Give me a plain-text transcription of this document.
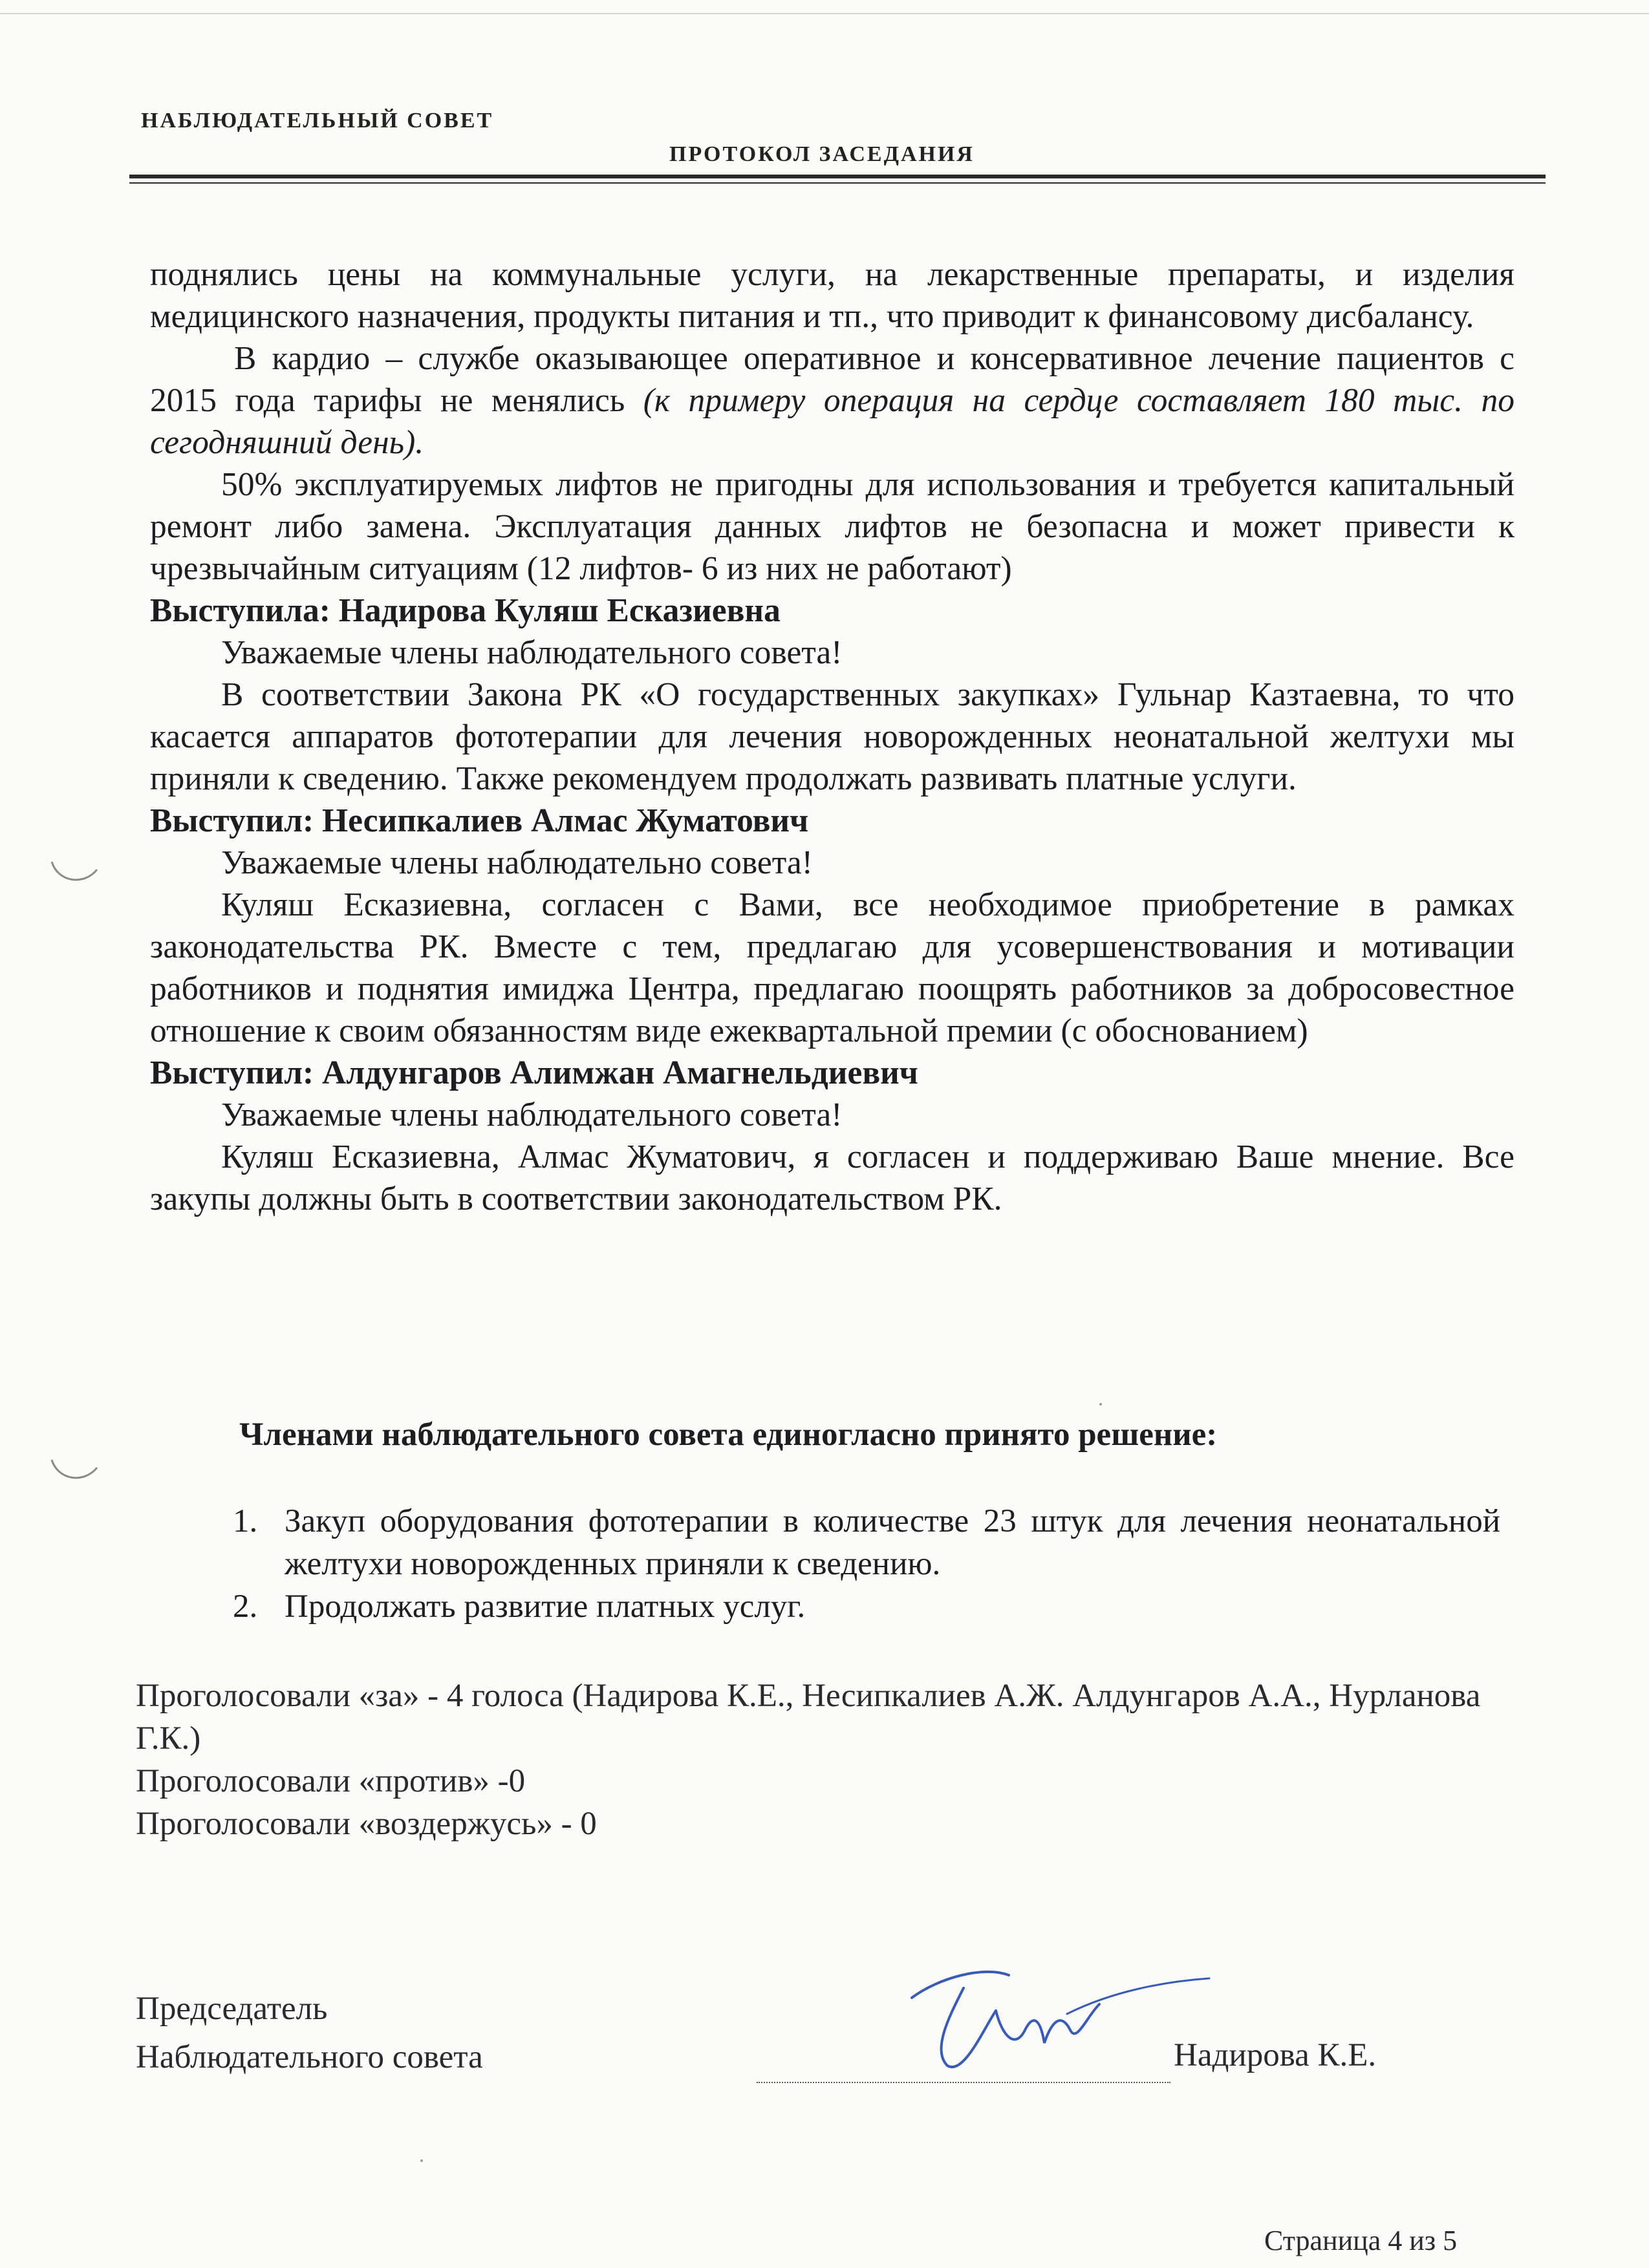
НАБЛЮДАТЕЛЬНЫЙ СОВЕТ
ПРОТОКОЛ ЗАСЕДАНИЯ

поднялись цены на коммунальные услуги, на лекарственные препараты, и изделия медицинского назначения, продукты питания и тп., что приводит к финансовому дисбалансу.

В кардио – службе оказывающее оперативное и консервативное лечение пациентов с 2015 года тарифы не менялись (к примеру операция на сердце составляет 180 тыс. по сегодняшний день).

50% эксплуатируемых лифтов не пригодны для использования и требуется капитальный ремонт либо замена. Эксплуатация данных лифтов не безопасна и может привести к чрезвычайным ситуациям (12 лифтов- 6 из них не работают)

Выступила: Надирова Куляш Есказиевна

Уважаемые члены наблюдательного совета!

В соответствии Закона РК «О государственных закупках» Гульнар Казтаевна, то что касается аппаратов фототерапии для лечения новорожденных неонатальной желтухи мы приняли к сведению. Также рекомендуем продолжать развивать платные услуги.

Выступил: Несипкалиев Алмас Жуматович

Уважаемые члены наблюдательно совета!

Куляш Есказиевна, согласен с Вами, все необходимое приобретение в рамках законодательства РК. Вместе с тем, предлагаю для усовершенствования и мотивации работников и поднятия имиджа Центра, предлагаю поощрять работников за добросовестное отношение к своим обязанностям виде ежеквартальной премии (с обоснованием)

Выступил: Алдунгаров Алимжан Амагнельдиевич

Уважаемые члены наблюдательного совета!

Куляш Есказиевна, Алмас Жуматович, я согласен и поддерживаю Ваше мнение. Все закупы должны быть в соответствии законодательством РК.

Членами наблюдательного совета единогласно принято решение:
1. Закуп оборудования фототерапии в количестве 23 штук для лечения неонатальной желтухи новорожденных приняли к сведению.
2. Продолжать развитие платных услуг.

Проголосовали «за» - 4 голоса (Надирова К.Е., Несипкалиев А.Ж. Алдунгаров А.А., Нурланова Г.К.)

Проголосовали «против» -0

Проголосовали «воздержусь» - 0

Председатель
Наблюдательного совета	Надирова К.Е.
Страница 4 из 5
